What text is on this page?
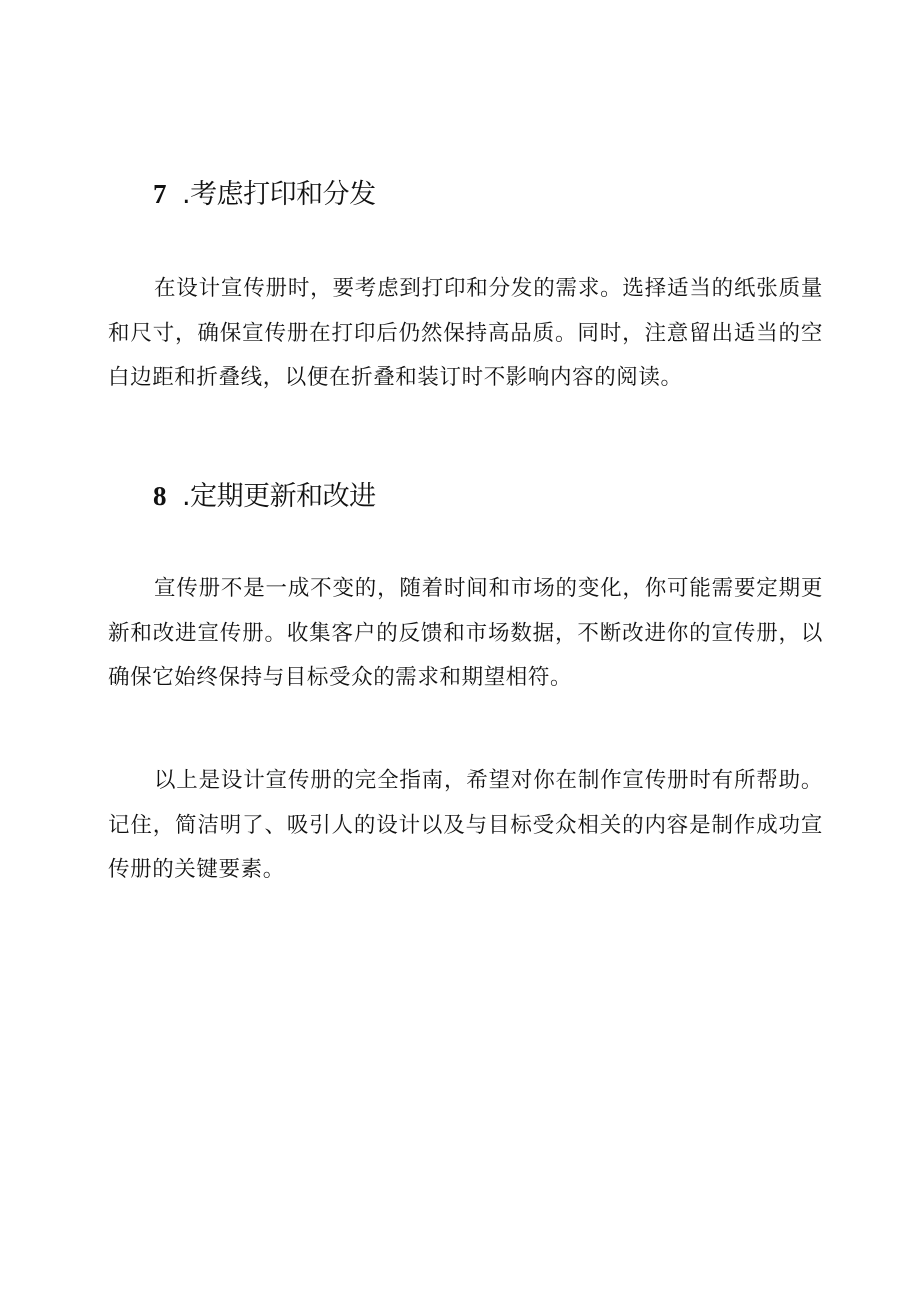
7 .考虑打印和分发

在设计宣传册时，要考虑到打印和分发的需求。选择适当的纸张质量和尺寸，确保宣传册在打印后仍然保持高品质。同时，注意留出适当的空白边距和折叠线，以便在折叠和装订时不影响内容的阅读。

8 .定期更新和改进

宣传册不是一成不变的，随着时间和市场的变化，你可能需要定期更新和改进宣传册。收集客户的反馈和市场数据，不断改进你的宣传册，以确保它始终保持与目标受众的需求和期望相符。

以上是设计宣传册的完全指南，希望对你在制作宣传册时有所帮助。记住，简洁明了、吸引人的设计以及与目标受众相关的内容是制作成功宣传册的关键要素。
